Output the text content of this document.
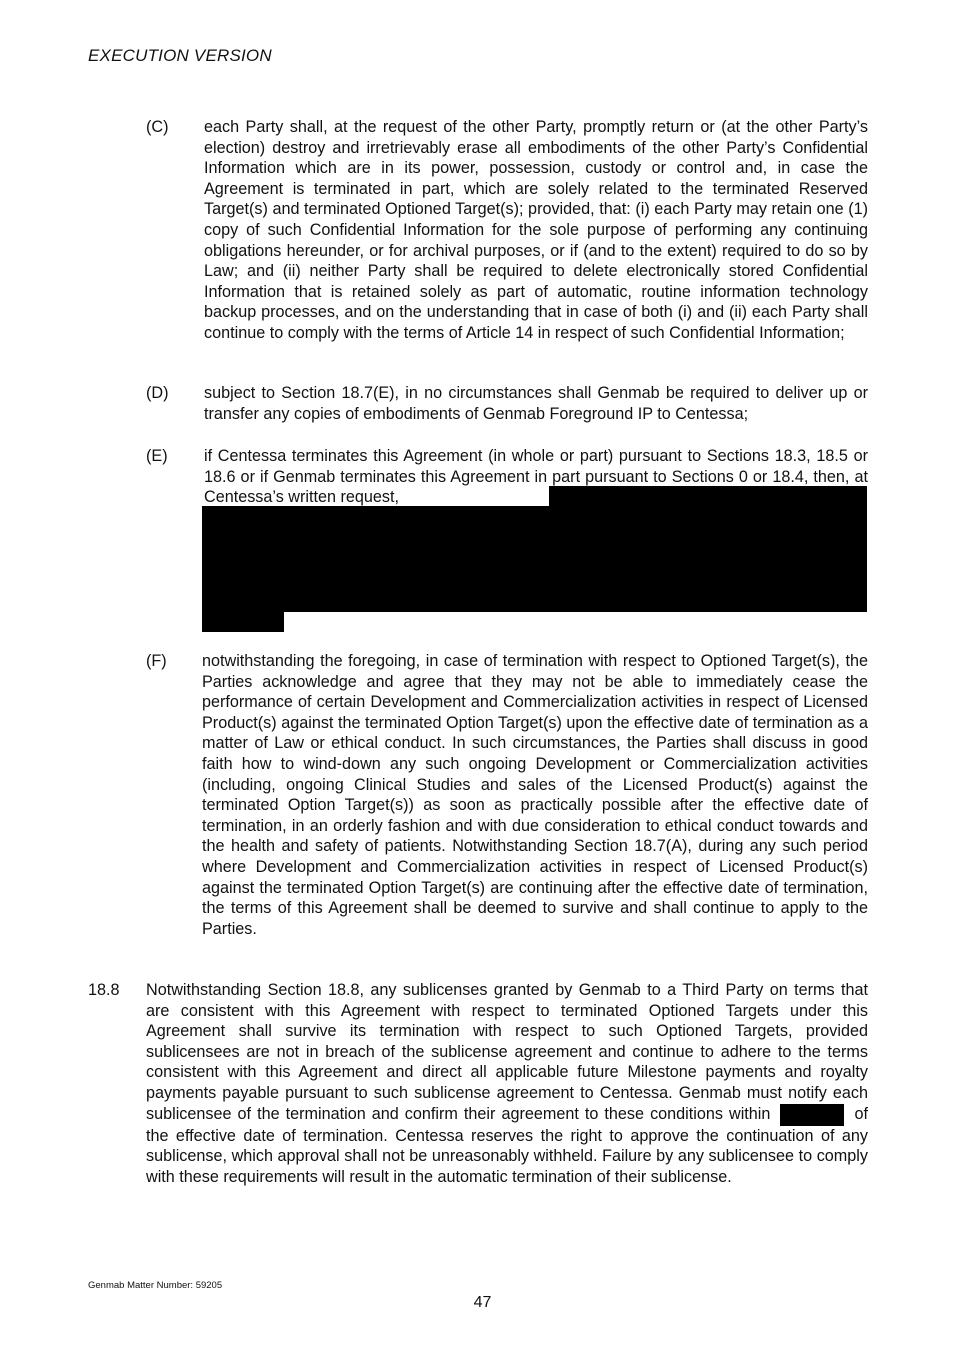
EXECUTION VERSION
(C) each Party shall, at the request of the other Party, promptly return or (at the other Party’s election) destroy and irretrievably erase all embodiments of the other Party’s Confidential Information which are in its power, possession, custody or control and, in case the Agreement is terminated in part, which are solely related to the terminated Reserved Target(s) and terminated Optioned Target(s); provided, that: (i) each Party may retain one (1) copy of such Confidential Information for the sole purpose of performing any continuing obligations hereunder, or for archival purposes, or if (and to the extent) required to do so by Law; and (ii) neither Party shall be required to delete electronically stored Confidential Information that is retained solely as part of automatic, routine information technology backup processes, and on the understanding that in case of both (i) and (ii) each Party shall continue to comply with the terms of Article 14 in respect of such Confidential Information;
(D) subject to Section 18.7(E), in no circumstances shall Genmab be required to deliver up or transfer any copies of embodiments of Genmab Foreground IP to Centessa;
(E) if Centessa terminates this Agreement (in whole or part) pursuant to Sections 18.3, 18.5 or 18.6 or if Genmab terminates this Agreement in part pursuant to Sections 0 or 18.4, then, at Centessa’s written request,
(F) notwithstanding the foregoing, in case of termination with respect to Optioned Target(s), the Parties acknowledge and agree that they may not be able to immediately cease the performance of certain Development and Commercialization activities in respect of Licensed Product(s) against the terminated Option Target(s) upon the effective date of termination as a matter of Law or ethical conduct. In such circumstances, the Parties shall discuss in good faith how to wind-down any such ongoing Development or Commercialization activities (including, ongoing Clinical Studies and sales of the Licensed Product(s) against the terminated Option Target(s)) as soon as practically possible after the effective date of termination, in an orderly fashion and with due consideration to ethical conduct towards and the health and safety of patients. Notwithstanding Section 18.7(A), during any such period where Development and Commercialization activities in respect of Licensed Product(s) against the terminated Option Target(s) are continuing after the effective date of termination, the terms of this Agreement shall be deemed to survive and shall continue to apply to the Parties.
18.8 Notwithstanding Section 18.8, any sublicenses granted by Genmab to a Third Party on terms that are consistent with this Agreement with respect to terminated Optioned Targets under this Agreement shall survive its termination with respect to such Optioned Targets, provided sublicensees are not in breach of the sublicense agreement and continue to adhere to the terms consistent with this Agreement and direct all applicable future Milestone payments and royalty payments payable pursuant to such sublicense agreement to Centessa. Genmab must notify each sublicensee of the termination and confirm their agreement to these conditions within	of the effective date of termination. Centessa reserves the right to approve the continuation of any sublicense, which approval shall not be unreasonably withheld. Failure by any sublicensee to comply with these requirements will result in the automatic termination of their sublicense.
Genmab Matter Number: 59205
47
